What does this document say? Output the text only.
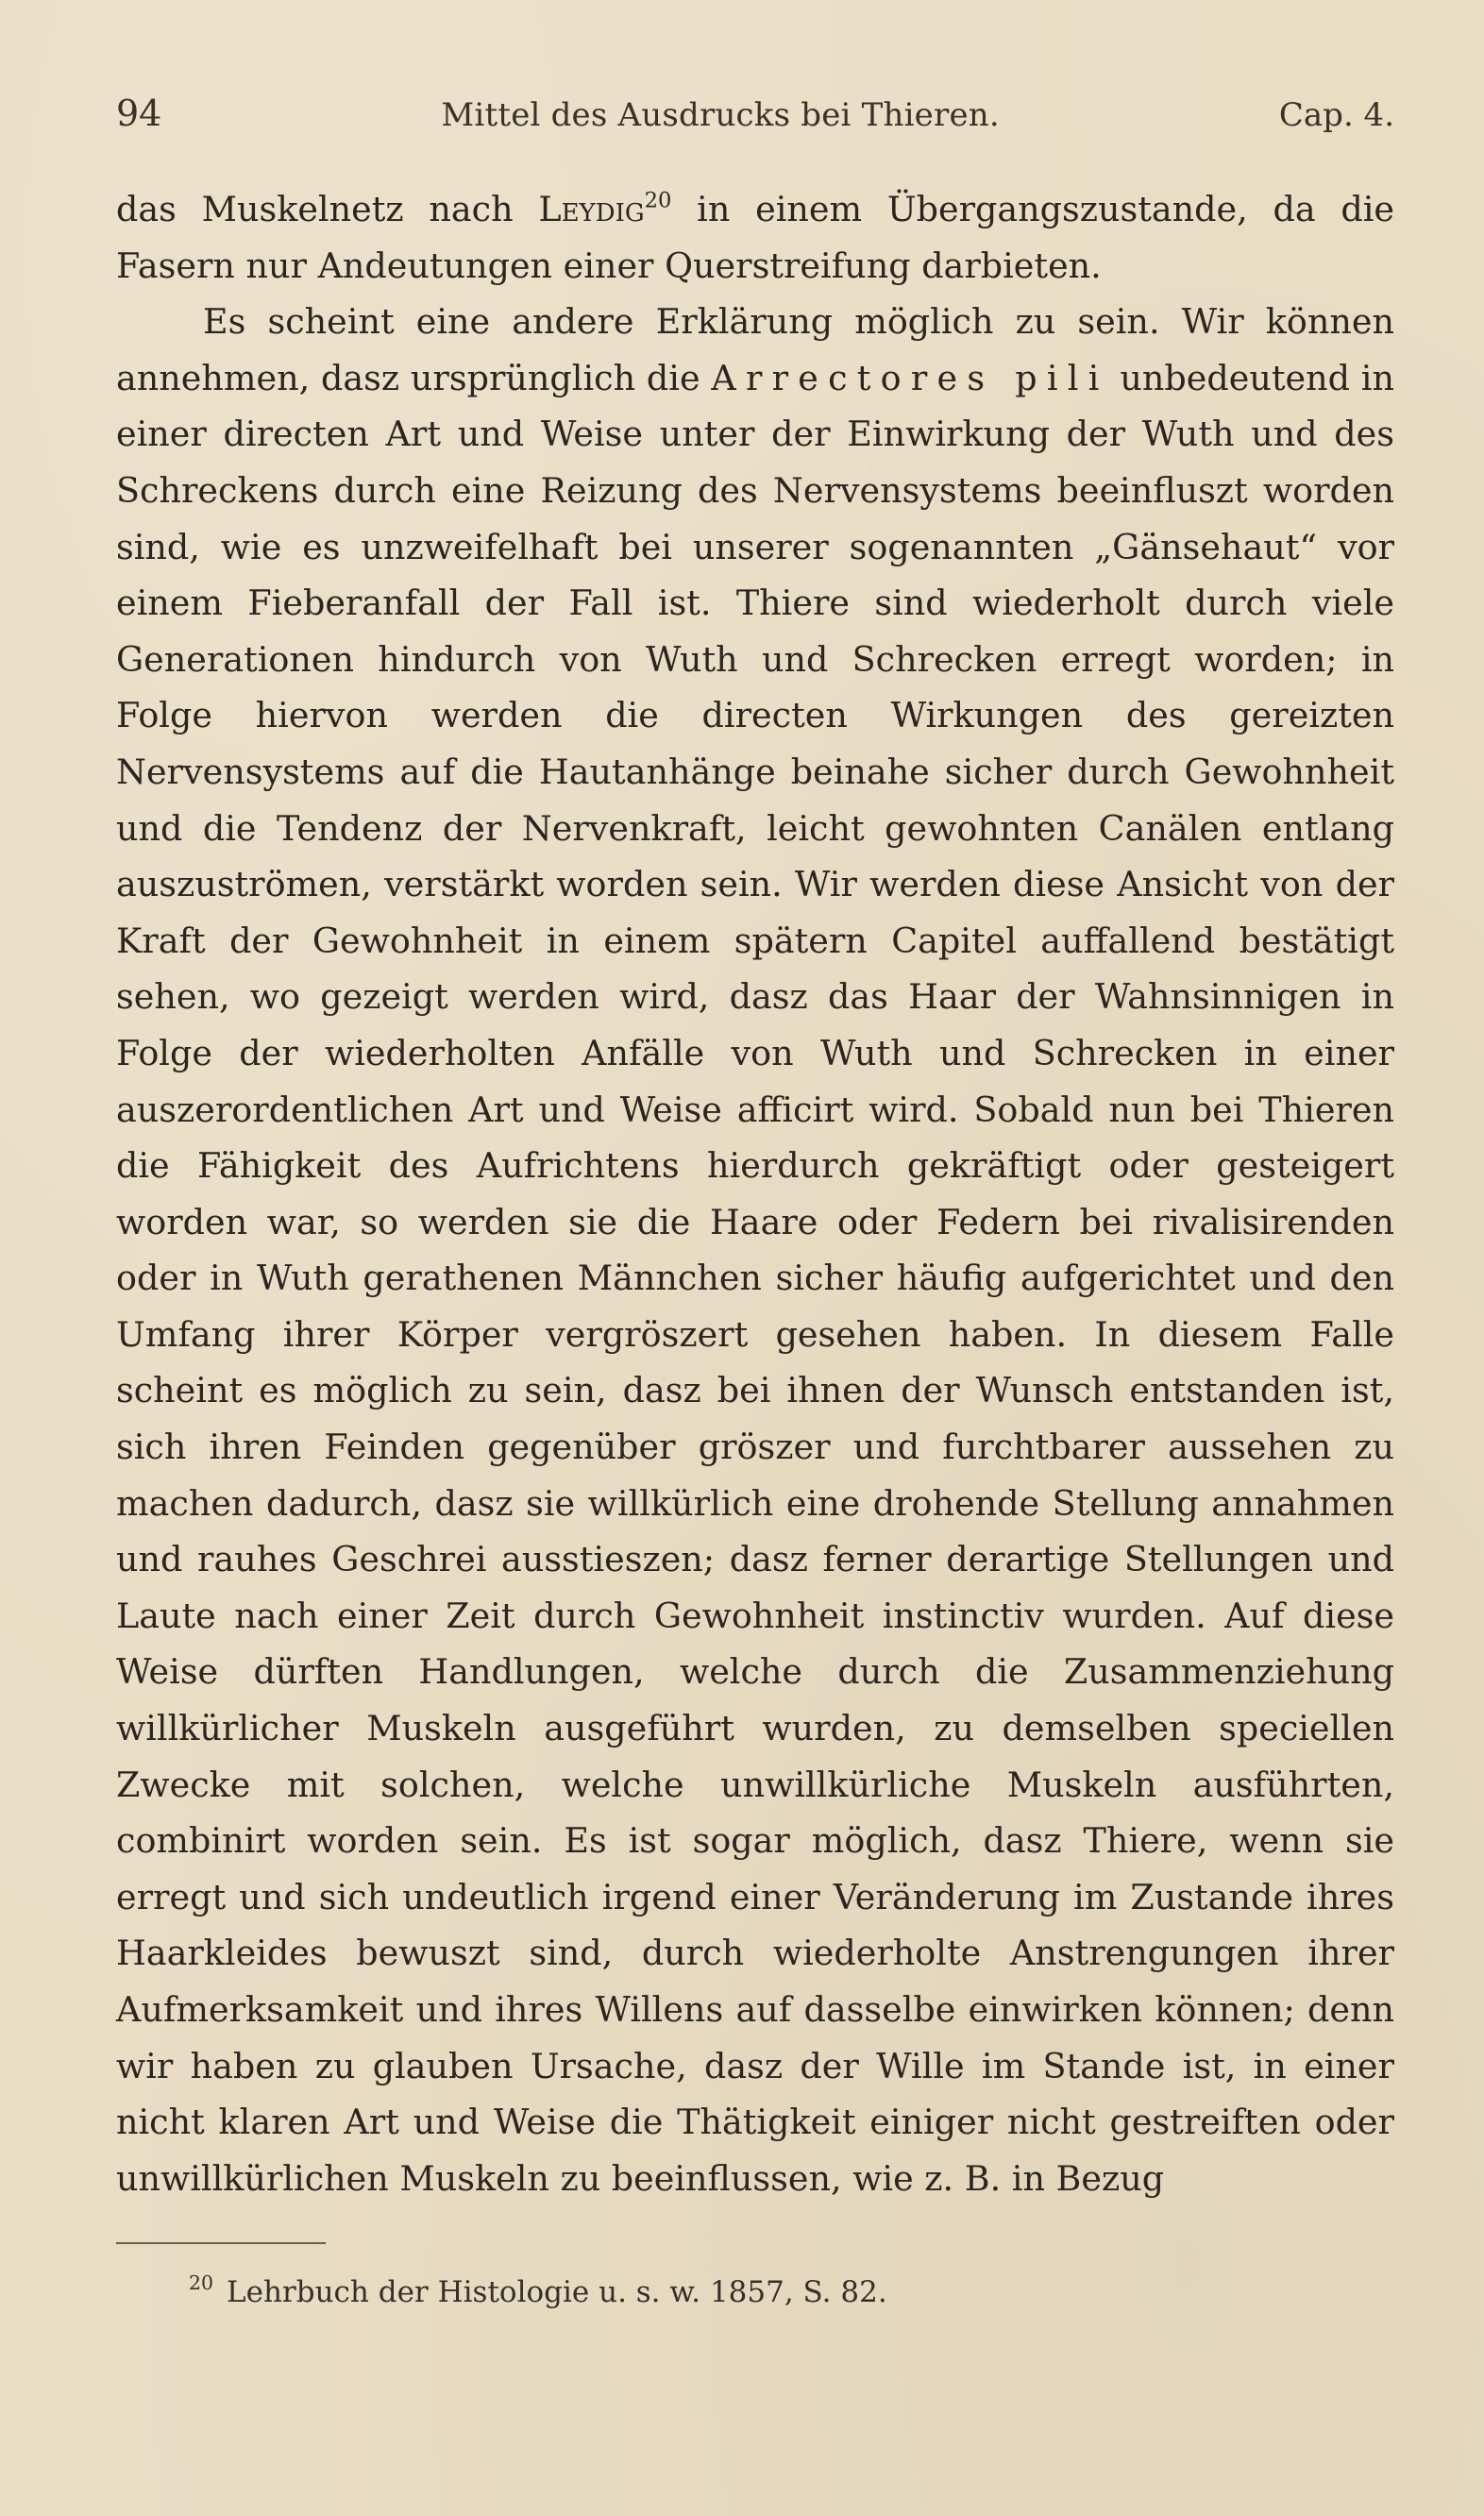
94	Mittel des Ausdrucks bei Thieren.	Cap. 4.

das Muskelnetz nach Leydig$^{20}$ in einem Übergangszustande, da die Fasern nur Andeutungen einer Querstreifung darbieten.

Es scheint eine andere Erklärung möglich zu sein. Wir können annehmen, dasz ursprünglich die Arrectores pili unbedeutend in einer directen Art und Weise unter der Einwirkung der Wuth und des Schreckens durch eine Reizung des Nervensystems beeinfluszt worden sind, wie es unzweifelhaft bei unserer sogenannten „Gänsehaut“ vor einem Fieberanfall der Fall ist. Thiere sind wiederholt durch viele Generationen hindurch von Wuth und Schrecken erregt worden; in Folge hiervon werden die directen Wirkungen des gereizten Nervensystems auf die Hautanhänge beinahe sicher durch Gewohnheit und die Tendenz der Nervenkraft, leicht gewohnten Canälen entlang auszuströmen, verstärkt worden sein. Wir werden diese Ansicht von der Kraft der Gewohnheit in einem spätern Capitel auffallend bestätigt sehen, wo gezeigt werden wird, dasz das Haar der Wahnsinnigen in Folge der wiederholten Anfälle von Wuth und Schrecken in einer auszerordentlichen Art und Weise afficirt wird. Sobald nun bei Thieren die Fähigkeit des Aufrichtens hierdurch gekräftigt oder gesteigert worden war, so werden sie die Haare oder Federn bei rivalisirenden oder in Wuth gerathenen Männchen sicher häufig aufgerichtet und den Umfang ihrer Körper vergröszert gesehen haben. In diesem Falle scheint es möglich zu sein, dasz bei ihnen der Wunsch entstanden ist, sich ihren Feinden gegenüber gröszer und furchtbarer aussehen zu machen dadurch, dasz sie willkürlich eine drohende Stellung annahmen und rauhes Geschrei ausstieszen; dasz ferner derartige Stellungen und Laute nach einer Zeit durch Gewohnheit instinctiv wurden. Auf diese Weise dürften Handlungen, welche durch die Zusammenziehung willkürlicher Muskeln ausgeführt wurden, zu demselben speciellen Zwecke mit solchen, welche unwillkürliche Muskeln ausführten, combinirt worden sein. Es ist sogar möglich, dasz Thiere, wenn sie erregt und sich undeutlich irgend einer Veränderung im Zustande ihres Haarkleides bewuszt sind, durch wiederholte Anstrengungen ihrer Aufmerksamkeit und ihres Willens auf dasselbe einwirken können; denn wir haben zu glauben Ursache, dasz der Wille im Stande ist, in einer nicht klaren Art und Weise die Thätigkeit einiger nicht gestreiften oder unwillkürlichen Muskeln zu beeinflussen, wie z. B. in Bezug

$^{20}$ Lehrbuch der Histologie u. s. w. 1857, S. 82.
